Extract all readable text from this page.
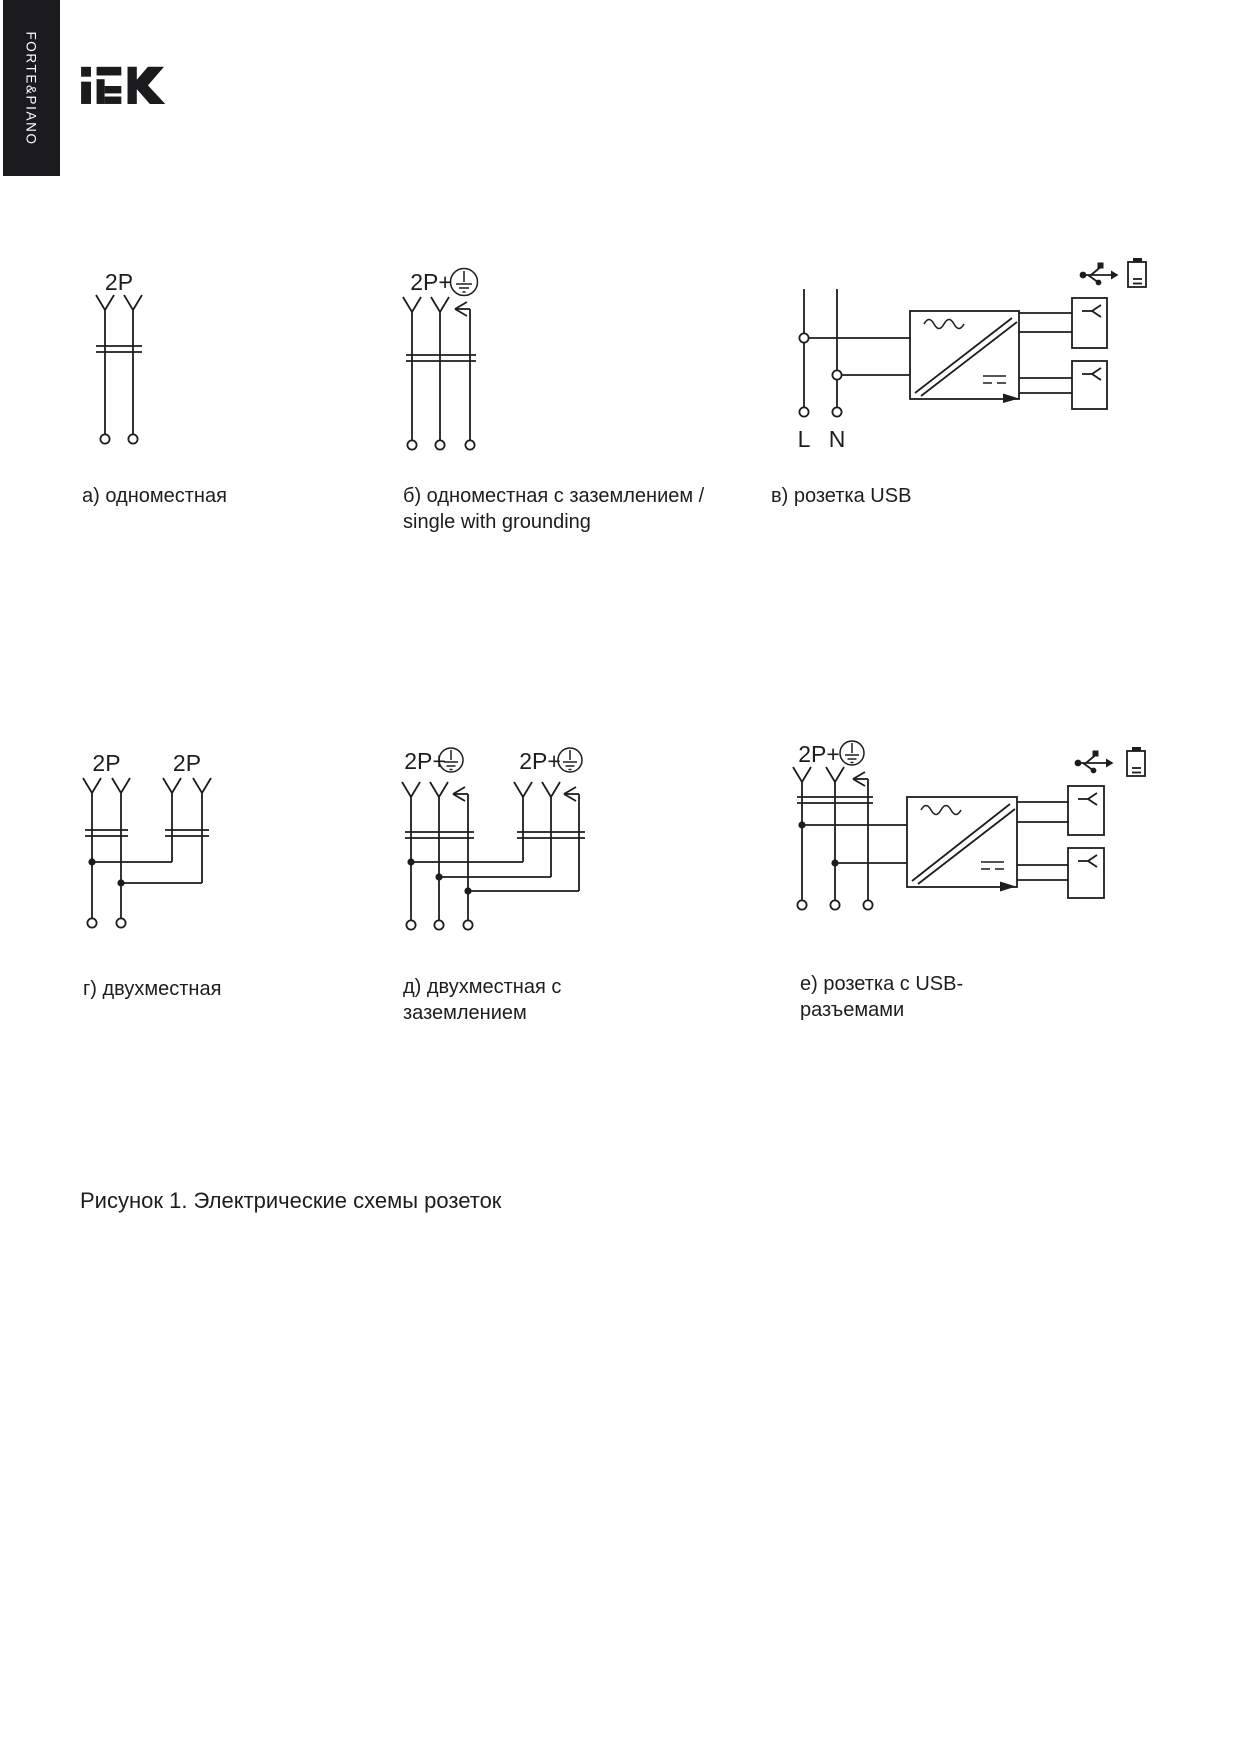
FORTE&PIANO
2P	2P+
L N
2P 2P	2P+	2P+	2P+
а) одноместная	б) одноместная с заземлением /
single with grounding
в) розетка USB
г) двухместная	д) двухместная с
заземлением
е) розетка с USB-
разъемами
Рисунок 1. Электрические схемы розеток
